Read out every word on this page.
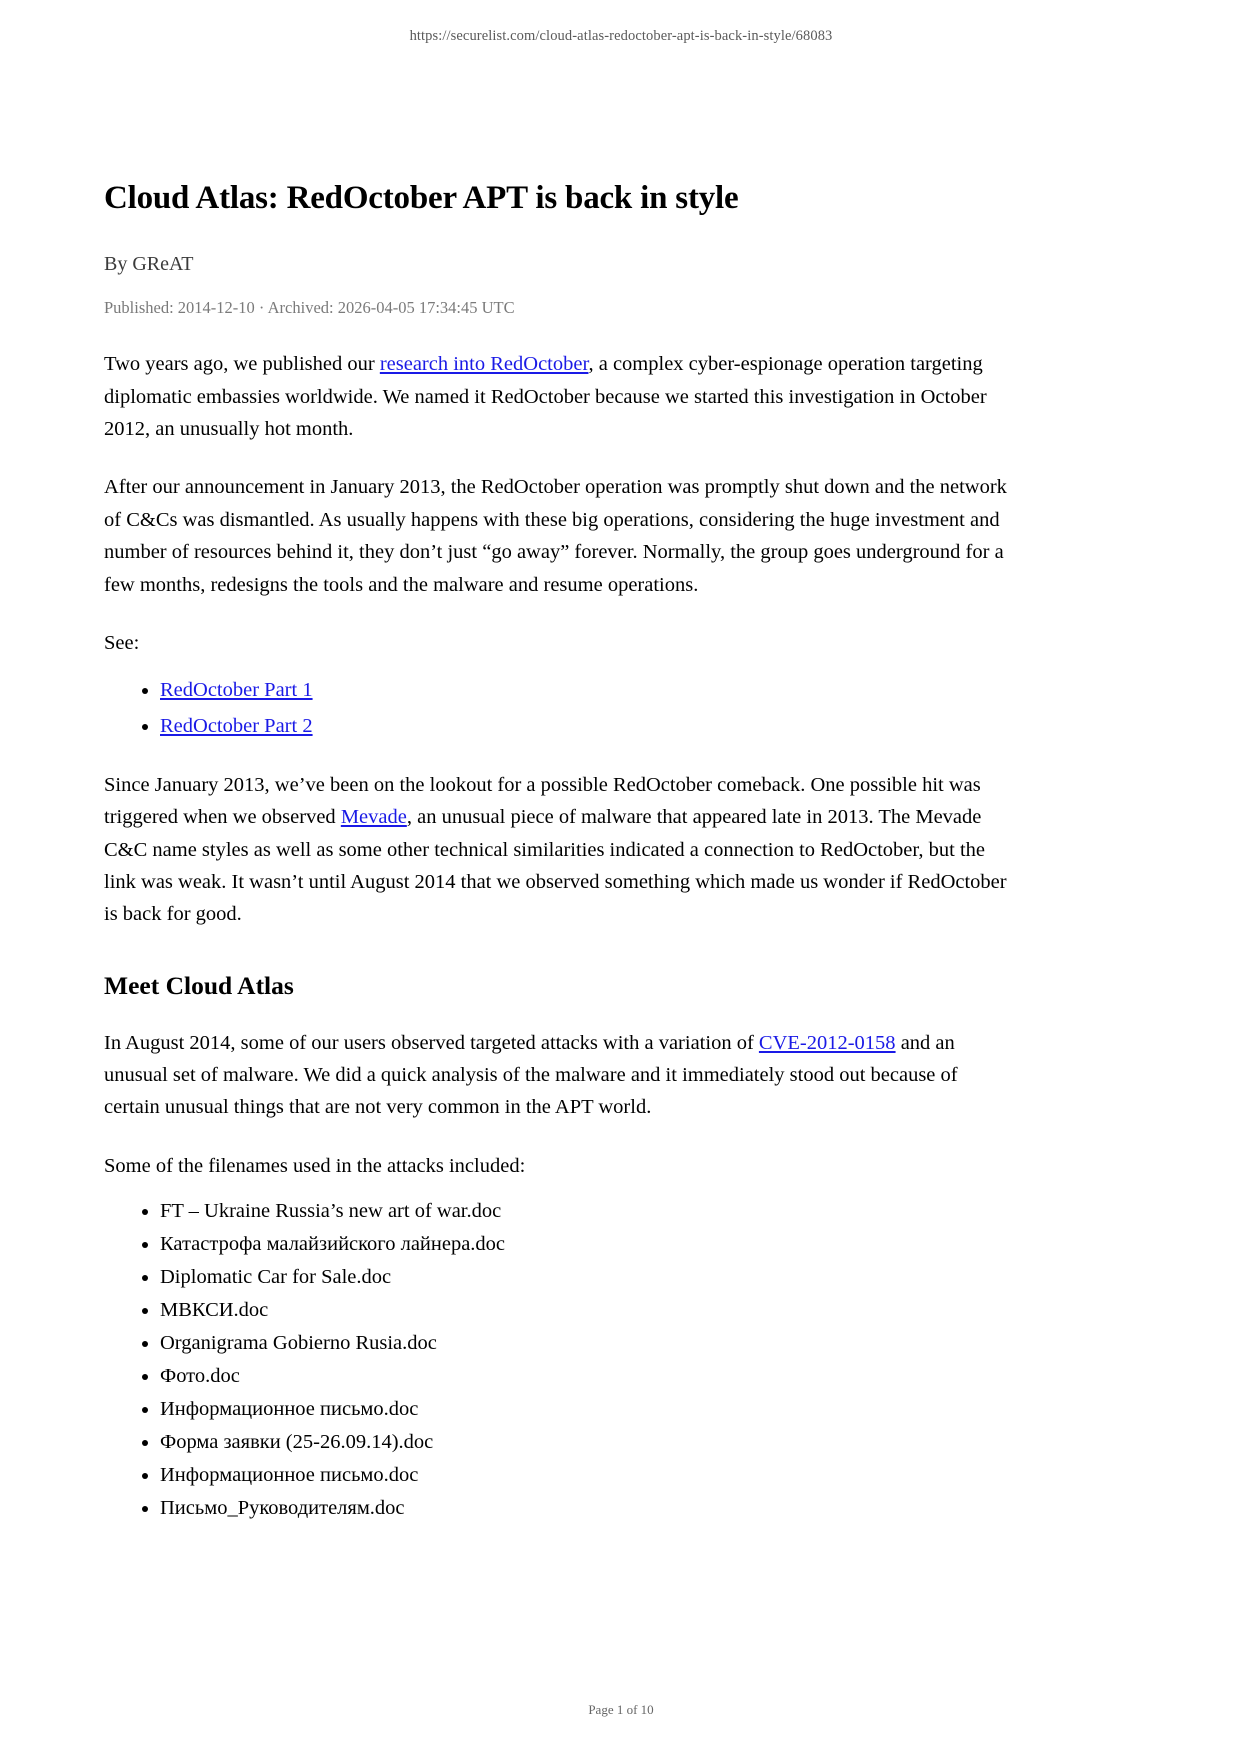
https://securelist.com/cloud-atlas-redoctober-apt-is-back-in-style/68083
Cloud Atlas: RedOctober APT is back in style
By GReAT
Published: 2014-12-10 · Archived: 2026-04-05 17:34:45 UTC

Two years ago, we published our research into RedOctober, a complex cyber-espionage operation targeting diplomatic embassies worldwide. We named it RedOctober because we started this investigation in October 2012, an unusually hot month.

After our announcement in January 2013, the RedOctober operation was promptly shut down and the network of C&Cs was dismantled. As usually happens with these big operations, considering the huge investment and number of resources behind it, they don’t just “go away” forever. Normally, the group goes underground for a few months, redesigns the tools and the malware and resume operations.

See:

• RedOctober Part 1
• RedOctober Part 2

Since January 2013, we’ve been on the lookout for a possible RedOctober comeback. One possible hit was triggered when we observed Mevade, an unusual piece of malware that appeared late in 2013. The Mevade C&C name styles as well as some other technical similarities indicated a connection to RedOctober, but the link was weak. It wasn’t until August 2014 that we observed something which made us wonder if RedOctober is back for good.

Meet Cloud Atlas

In August 2014, some of our users observed targeted attacks with a variation of CVE-2012-0158 and an unusual set of malware. We did a quick analysis of the malware and it immediately stood out because of certain unusual things that are not very common in the APT world.

Some of the filenames used in the attacks included:

• FT – Ukraine Russia’s new art of war.doc
• Катастрофа малайзийского лайнера.doc
• Diplomatic Car for Sale.doc
• МВКСИ.doc
• Organigrama Gobierno Rusia.doc
• Фото.doc
• Информационное письмо.doc
• Форма заявки (25-26.09.14).doc
• Информационное письмо.doc
• Письмо_Руководителям.doc
Page 1 of 10
